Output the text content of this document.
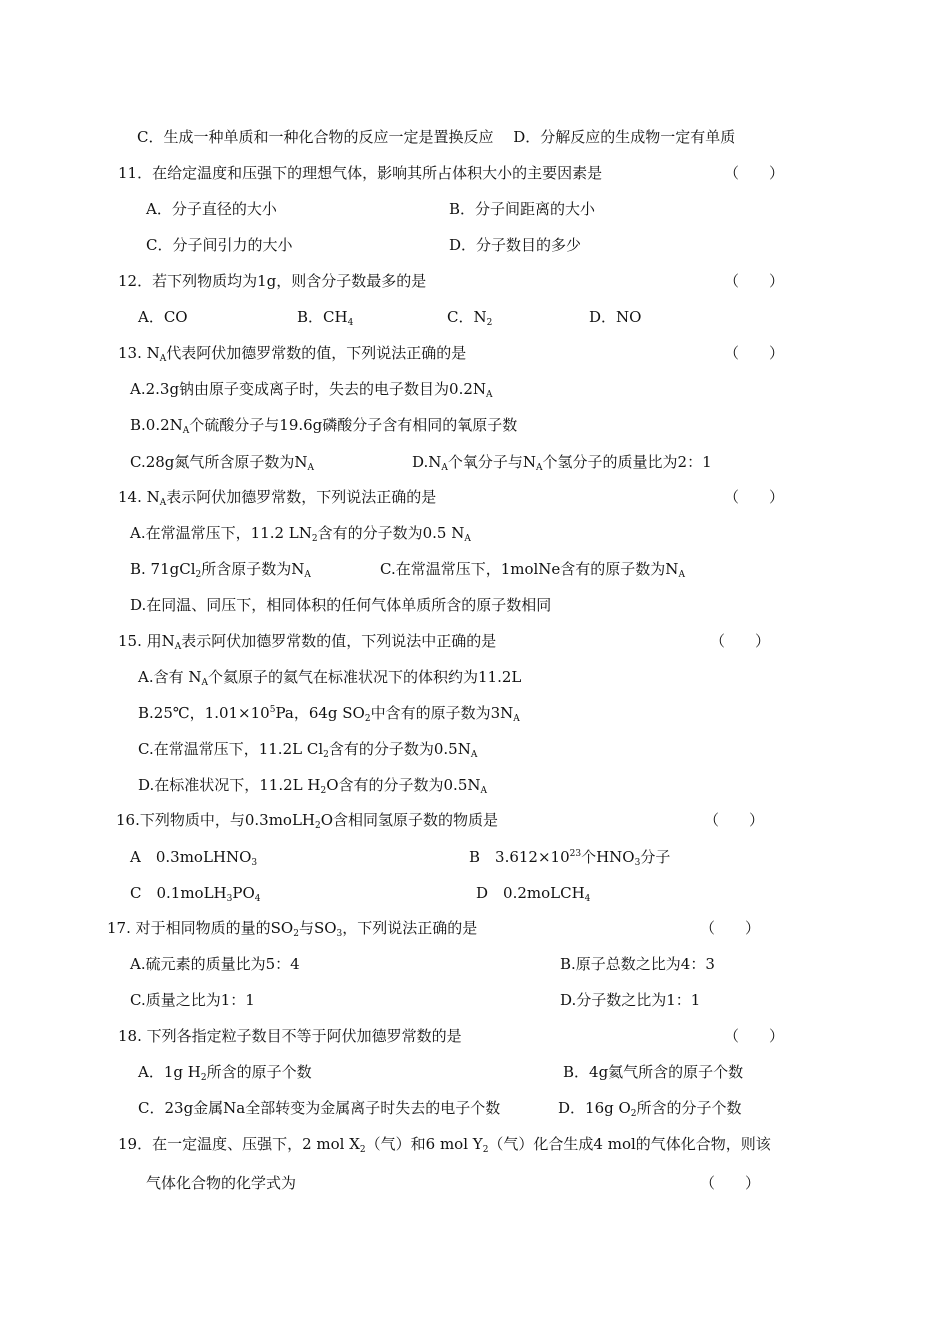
C．生成一种单质和一种化合物的反应一定是置换反应　 D．分解反应的生成物一定有单质
11．在给定温度和压强下的理想气体，影响其所占体积大小的主要因素是	（　　）
A．分子直径的大小	B．分子间距离的大小
C．分子间引力的大小	D．分子数目的多少
12．若下列物质均为1g，则含分子数最多的是	（　　）
A．CO	B．$CH_4$	C．$N_2$	D．NO
13. $N_A$代表阿伏加德罗常数的值，下列说法正确的是	（　　）
A.2.3g钠由原子变成离子时，失去的电子数目为$0.2N_A$
$B.0.2N_A$个硫酸分子与19.6g磷酸分子含有相同的氧原子数
C.28g氮气所含原子数为$N_A$	$D.N_A$个氧分子与$N_A$个氢分子的质量比为2：1
14. $N_A$表示阿伏加德罗常数，下列说法正确的是	（　　）
A.在常温常压下，11.2 $LN_2$含有的分子数为0.5 $N_A$
B. 71gCl$_2$所含原子数为$N_A$	C.在常温常压下，1molNe含有的原子数为$N_A$
D.在同温、同压下，相同体积的任何气体单质所含的原子数相同
15. 用$N_A$表示阿伏加德罗常数的值，下列说法中正确的是	（　　）
A.含有 $N_A$个氦原子的氦气在标准状况下的体积约为11.2L
B.25℃，$1.01\times 10^5Pa$，64g $SO_2$中含有的原子数为$3N_A$
C.在常温常压下，11.2L $Cl_2$含有的分子数为$0.5N_A$
D.在标准状况下，11.2L $H_2O$含有的分子数为$0.5N_A$
16.下列物质中，与0.3moLH$_2$O含相同氢原子数的物质是	（　　）
A　0.3moLHNO$_3$	B　$3.612\times 10^{23}$个$HNO_3$分子
C　$0.1moLH_3PO_4$	D　0.2moLCH$_4$
17. 对于相同物质的量的$SO_2$与$SO_3$，下列说法正确的是	（　　）
A.硫元素的质量比为5：4	B.原子总数之比为4：3
C.质量之比为1：1	D.分子数之比为1：1
18. 下列各指定粒子数目不等于阿伏加德罗常数的是	（　　）
A．1g $H_2$所含的原子个数	B．4g氦气所含的原子个数
C．23g金属Na全部转变为金属离子时失去的电子个数	D．16g $O_2$所含的分子个数
19．在一定温度、压强下，2 mol $X_2$（气）和6 mol $Y_2$（气）化合生成4 mol的气体化合物，则该
气体化合物的化学式为	（　　）
